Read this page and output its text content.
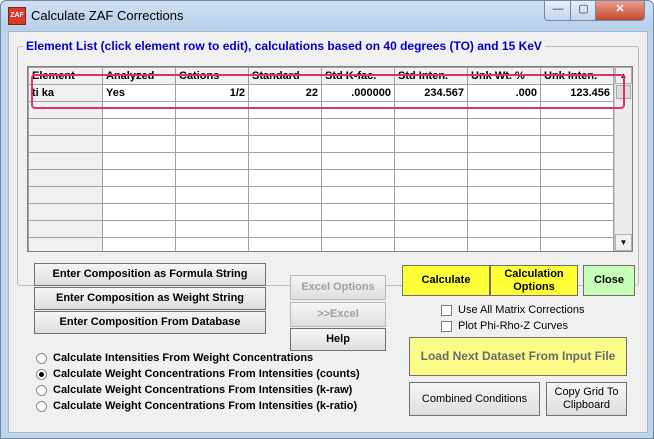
ZAF Calculate ZAF Corrections	—	▢	✕
Element List (click element row to edit), calculations based on 40 degrees (TO) and 15 KeV
Element	Analyzed	Cations	Standard	Std K-fac.	Std Inten.	Unk Wt. %	Unk Inten.
ti ka	Yes	1/2	22	.000000	234.567	.000	123.456

▲
▼
Enter Composition as Formula String
Enter Composition as Weight String
Enter Composition From Database
Excel Options
>>Excel
Help
Calculate
Calculation Options
Close
Use All Matrix Corrections
Plot Phi-Rho-Z Curves
Load Next Dataset From Input File
Combined Conditions
Copy Grid To Clipboard
Calculate Intensities From Weight Concentrations
Calculate Weight Concentrations From Intensities (counts)
Calculate Weight Concentrations From Intensities (k-raw)
Calculate Weight Concentrations From Intensities (k-ratio)
